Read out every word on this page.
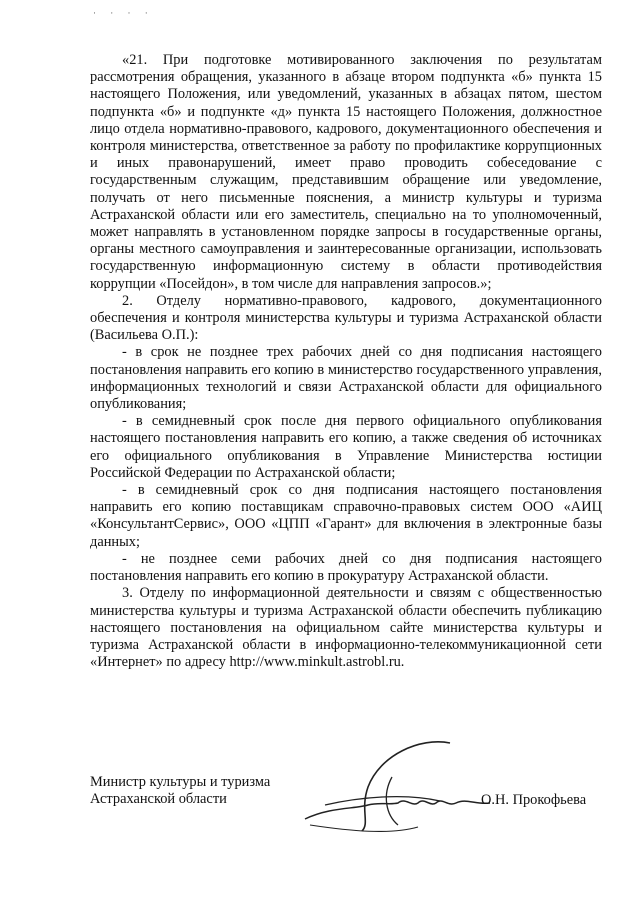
· · · ·

«21. При подготовке мотивированного заключения по результатам рассмотрения обращения, указанного в абзаце втором подпункта «б» пункта 15 настоящего Положения, или уведомлений, указанных в абзацах пятом, шестом подпункта «б» и подпункте «д» пункта 15 настоящего Положения, должностное лицо отдела нормативно-правового, кадрового, документационного обеспечения и контроля министерства, ответственное за работу по профилактике коррупционных и иных правонарушений, имеет право проводить собеседование с государственным служащим, представившим обращение или уведомление, получать от него письменные пояснения, а министр культуры и туризма Астраханской области или его заместитель, специально на то уполномоченный, может направлять в установленном порядке запросы в государственные органы, органы местного самоуправления и заинтересованные организации, использовать государственную информационную систему в области противодействия коррупции «Посейдон», в том числе для направления запросов.»;

2. Отделу нормативно-правового, кадрового, документационного обеспечения и контроля министерства культуры и туризма Астраханской области (Васильева О.П.):

- в срок не позднее трех рабочих дней со дня подписания настоящего постановления направить его копию в министерство государственного управления, информационных технологий и связи Астраханской области для официального опубликования;

- в семидневный срок после дня первого официального опубликования настоящего постановления направить его копию, а также сведения об источниках его официального опубликования в Управление Министерства юстиции Российской Федерации по Астраханской области;

- в семидневный срок со дня подписания настоящего постановления направить его копию поставщикам справочно-правовых систем ООО «АИЦ «КонсультантСервис», ООО «ЦПП «Гарант» для включения в электронные базы данных;

- не позднее семи рабочих дней со дня подписания настоящего постановления направить его копию в прокуратуру Астраханской области.

3. Отделу по информационной деятельности и связям с общественностью министерства культуры и туризма Астраханской области обеспечить публикацию настоящего постановления на официальном сайте министерства культуры и туризма Астраханской области в информационно-телекоммуникационной сети «Интернет» по адресу http://www.minkult.astrobl.ru.

Министр культуры и туризма
Астраханской области	О.Н. Прокофьева
